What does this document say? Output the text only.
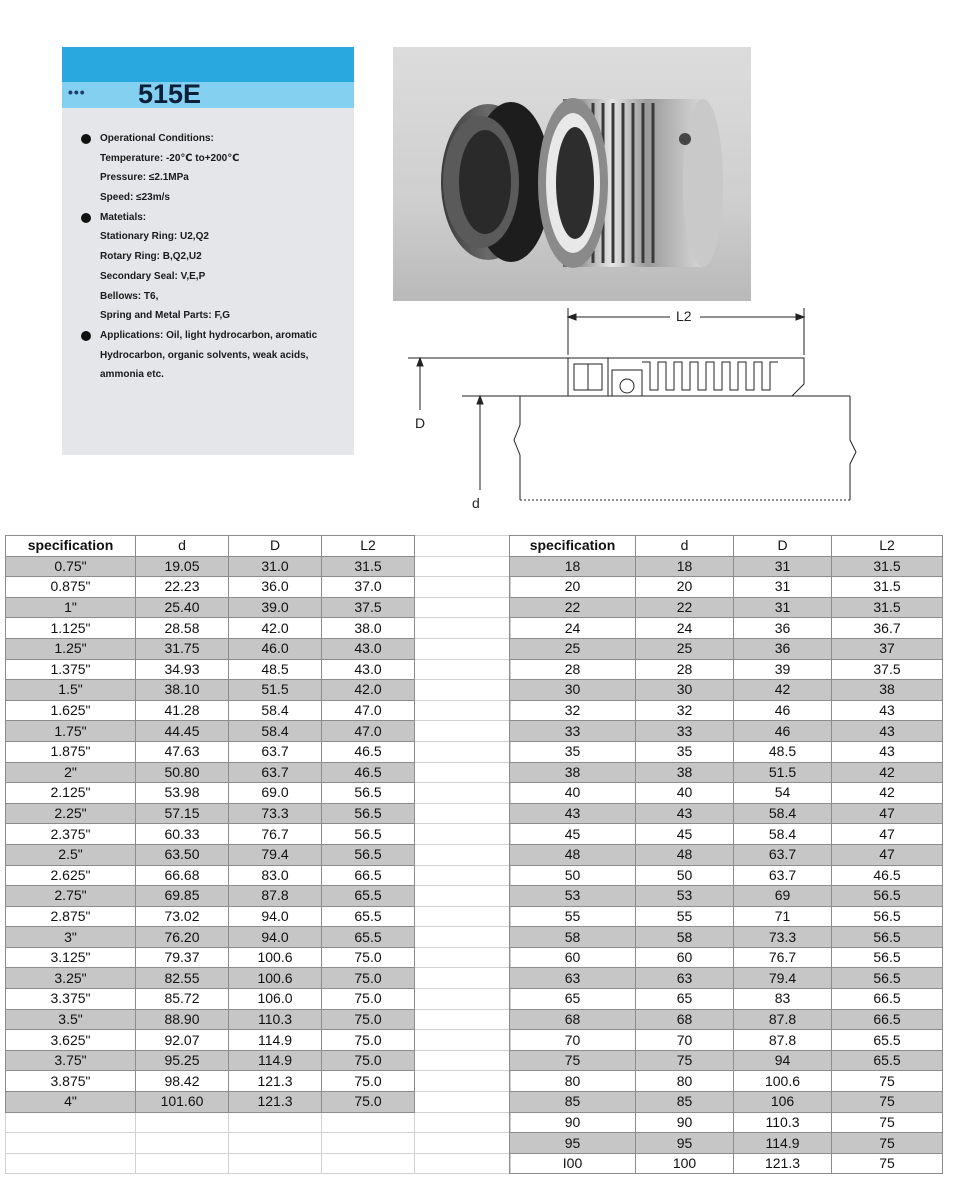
••• 515E
Operational Conditions:
Temperature: -20℃ to+200℃
Pressure: ≤2.1MPa
Speed: ≤23m/s
Matetials:
Stationary Ring: U2,Q2
Rotary Ring: B,Q2,U2
Secondary Seal: V,E,P
Bellows: T6,
Spring and Metal Parts: F,G
Applications: Oil, light hydrocarbon, aromatic
Hydrocarbon, organic solvents, weak acids,
ammonia etc.
L2
D
d
specification	d	D	L2	
0.75"	19.05	31.0	31.5	
0.875"	22.23	36.0	37.0	
1"	25.40	39.0	37.5	
1.125"	28.58	42.0	38.0	
1.25"	31.75	46.0	43.0	
1.375"	34.93	48.5	43.0	
1.5"	38.10	51.5	42.0	
1.625"	41.28	58.4	47.0	
1.75"	44.45	58.4	47.0	
1.875"	47.63	63.7	46.5	
2"	50.80	63.7	46.5	
2.125"	53.98	69.0	56.5	
2.25"	57.15	73.3	56.5	
2.375"	60.33	76.7	56.5	
2.5"	63.50	79.4	56.5	
2.625"	66.68	83.0	66.5	
2.75"	69.85	87.8	65.5	
2.875"	73.02	94.0	65.5	
3"	76.20	94.0	65.5	
3.125"	79.37	100.6	75.0	
3.25"	82.55	100.6	75.0	
3.375"	85.72	106.0	75.0	
3.5"	88.90	110.3	75.0	
3.625"	92.07	114.9	75.0	
3.75"	95.25	114.9	75.0	
3.875"	98.42	121.3	75.0	
4"	101.60	121.3	75.0	

specification	d	D	L2
18	18	31	31.5
20	20	31	31.5
22	22	31	31.5
24	24	36	36.7
25	25	36	37
28	28	39	37.5
30	30	42	38
32	32	46	43
33	33	46	43
35	35	48.5	43
38	38	51.5	42
40	40	54	42
43	43	58.4	47
45	45	58.4	47
48	48	63.7	47
50	50	63.7	46.5
53	53	69	56.5
55	55	71	56.5
58	58	73.3	56.5
60	60	76.7	56.5
63	63	79.4	56.5
65	65	83	66.5
68	68	87.8	66.5
70	70	87.8	65.5
75	75	94	65.5
80	80	100.6	75
85	85	106	75
90	90	110.3	75
95	95	114.9	75
I00	100	121.3	75
